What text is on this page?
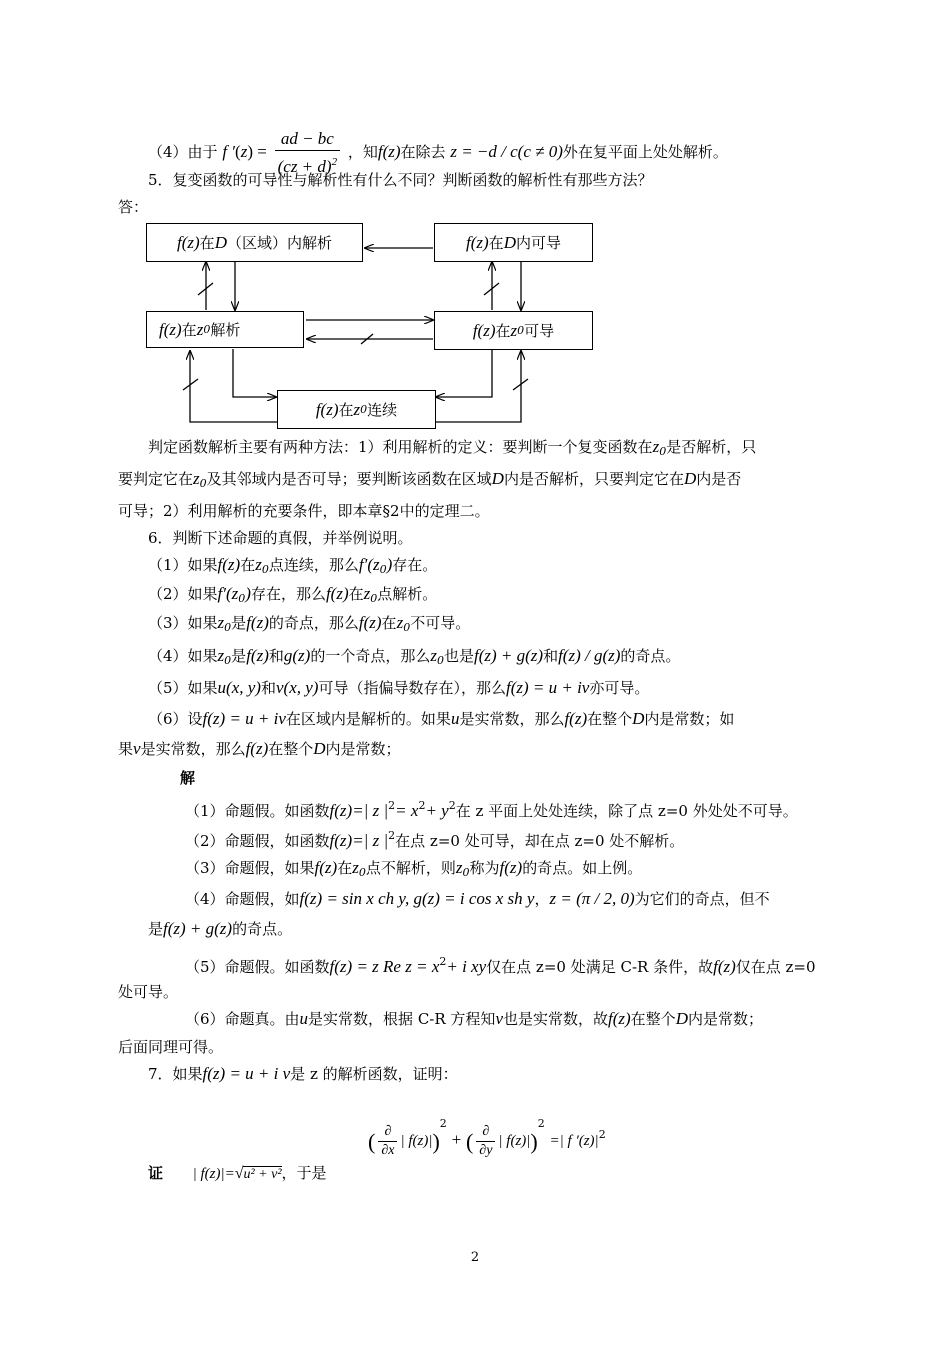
（4）由于 f $'(z) = \frac{ad - bc}{(cz + d)^2}$ ，知f(z)在除去 z = −d / c(c ≠ 0)外在复平面上处处解析。
5．复变函数的可导性与解析性有什么不同？判断函数的解析性有那些方法？
答：
f(z) 在 D （区域）内解析	f(z) 在 D 内可导
f(z) 在 z 0 解析	f(z) 在 z 0 可导
f(z) 在 z 0 连续
判定函数解析主要有两种方法：1）利用解析的定义：要判断一个复变函数在$z_0$是否解析，只
要判定它在$z_0$及其邻域内是否可导；要判断该函数在区域D内是否解析，只要判定它在D内是否
可导；2）利用解析的充要条件，即本章§2中的定理二。
6．判断下述命题的真假，并举例说明。
（1）如果f(z)在$z_0$点连续，那么$f'(z_0)$存在。
（2）如果$f'(z_0)$存在，那么f(z)在$z_0$点解析。
（3）如果$z_0$是f(z)的奇点，那么f(z)在$z_0$不可导。
（4）如果$z_0$是f(z)和g(z)的一个奇点，那么$z_0$也是f(z) + g(z)和f(z) / g(z)的奇点。
（5）如果u(x, y)和v(x, y)可导（指偏导数存在），那么f(z) = u + iv亦可导。
（6）设f(z) = u + iv在区域内是解析的。如果u是实常数，那么f(z)在整个D内是常数；如
果v是实常数，那么f(z)在整个D内是常数；
解
（1）命题假。如函数f(z)=| z $|^2= x^2+ y^2$在 z 平面上处处连续，除了点 z=0 外处处不可导。
（2）命题假，如函数f(z)=| z $|^2$在点 z=0 处可导，却在点 z=0 处不解析。
（3）命题假，如果f(z)在$z_0$点不解析，则$z_0$称为f(z)的奇点。如上例。
（4）命题假，如f(z) = sin x ch y, g(z) = i cos x sh y，z = (π / 2, 0)为它们的奇点，但不
是f(z) + g(z)的奇点。
（5）命题假。如函数f(z) = z Re $z = x^2+ i$ xy仅在点 z=0 处满足 C-R 条件，故f(z)仅在点 z=0
处可导。
（6）命题真。由u是实常数，根据 C-R 方程知v也是实常数，故f(z)在整个D内是常数；
后面同理可得。
7．如果f(z) = u + i v是 z 的解析函数，证明：
( $\frac{\partial}{\partial x}$ | f(z)|)$^2$ + ( $\frac{\partial}{\partial y}$ | f(z)|)$^2$ =| f $'(z)|^2$
证 | f(z)|=√u² + v²，于是
2
